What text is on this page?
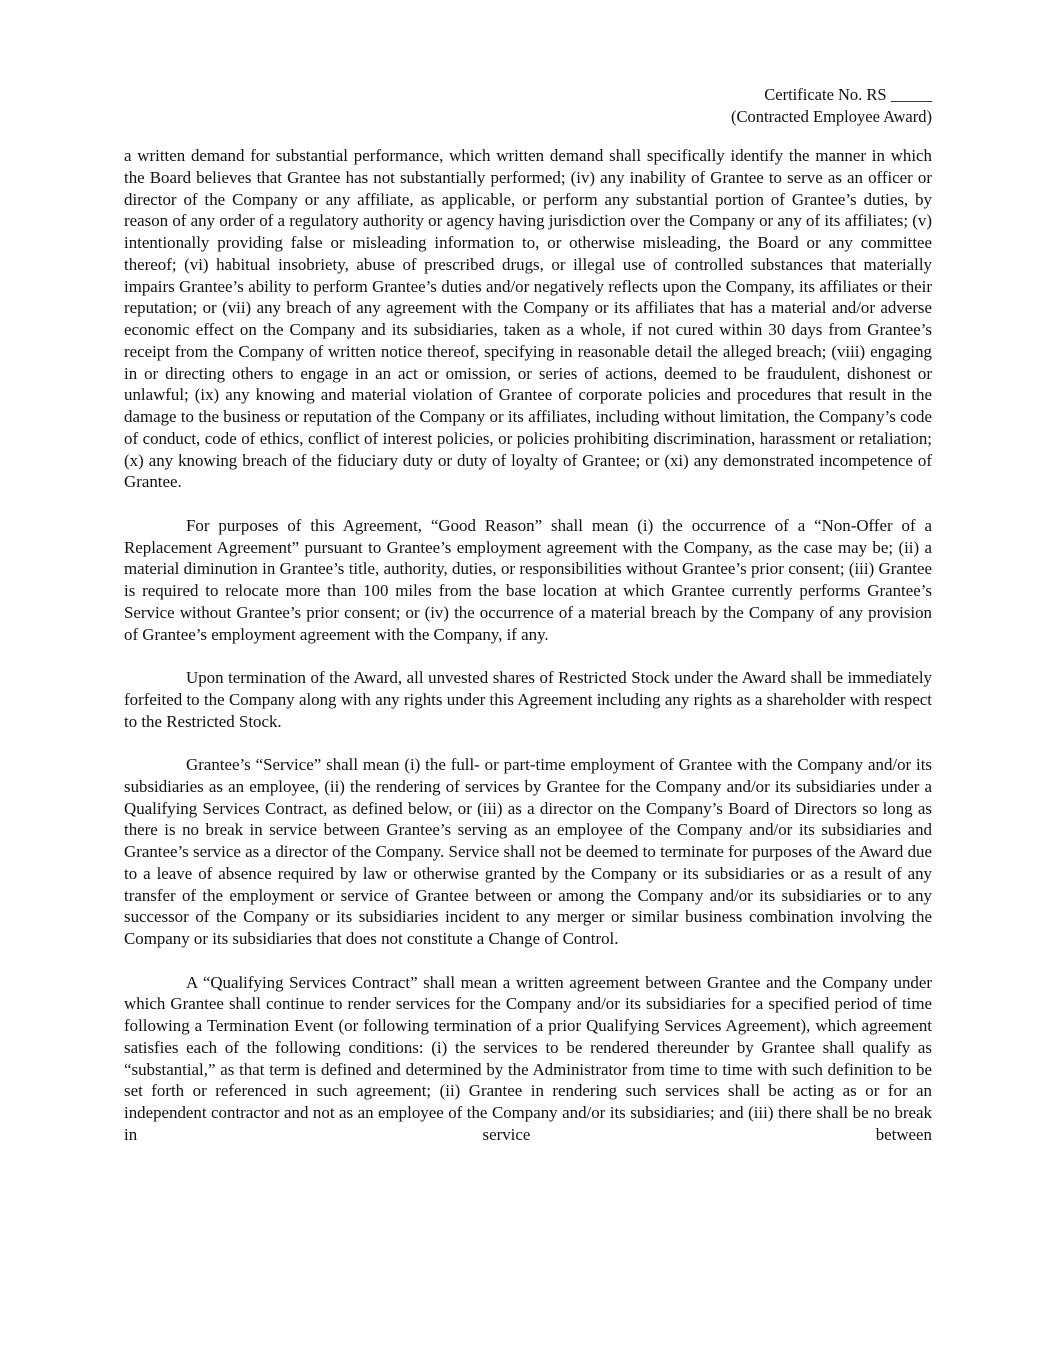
Certificate No. RS _____
(Contracted Employee Award)

a written demand for substantial performance, which written demand shall specifically identify the manner in which the Board believes that Grantee has not substantially performed; (iv) any inability of Grantee to serve as an officer or director of the Company or any affiliate, as applicable, or perform any substantial portion of Grantee’s duties, by reason of any order of a regulatory authority or agency having jurisdiction over the Company or any of its affiliates; (v) intentionally providing false or misleading information to, or otherwise misleading, the Board or any committee thereof; (vi) habitual insobriety, abuse of prescribed drugs, or illegal use of controlled substances that materially impairs Grantee’s ability to perform Grantee’s duties and/or negatively reflects upon the Company, its affiliates or their reputation; or (vii) any breach of any agreement with the Company or its affiliates that has a material and/or adverse economic effect on the Company and its subsidiaries, taken as a whole, if not cured within 30 days from Grantee’s receipt from the Company of written notice thereof, specifying in reasonable detail the alleged breach; (viii) engaging in or directing others to engage in an act or omission, or series of actions, deemed to be fraudulent, dishonest or unlawful; (ix) any knowing and material violation of Grantee of corporate policies and procedures that result in the damage to the business or reputation of the Company or its affiliates, including without limitation, the Company’s code of conduct, code of ethics, conflict of interest policies, or policies prohibiting discrimination, harassment or retaliation; (x) any knowing breach of the fiduciary duty or duty of loyalty of Grantee; or (xi) any demonstrated incompetence of Grantee.

For purposes of this Agreement, “Good Reason” shall mean (i) the occurrence of a “Non-Offer of a Replacement Agreement” pursuant to Grantee’s employment agreement with the Company, as the case may be; (ii) a material diminution in Grantee’s title, authority, duties, or responsibilities without Grantee’s prior consent; (iii) Grantee is required to relocate more than 100 miles from the base location at which Grantee currently performs Grantee’s Service without Grantee’s prior consent; or (iv) the occurrence of a material breach by the Company of any provision of Grantee’s employment agreement with the Company, if any.

Upon termination of the Award, all unvested shares of Restricted Stock under the Award shall be immediately forfeited to the Company along with any rights under this Agreement including any rights as a shareholder with respect to the Restricted Stock.

Grantee’s “Service” shall mean (i) the full- or part-time employment of Grantee with the Company and/or its subsidiaries as an employee, (ii) the rendering of services by Grantee for the Company and/or its subsidiaries under a Qualifying Services Contract, as defined below, or (iii) as a director on the Company’s Board of Directors so long as there is no break in service between Grantee’s serving as an employee of the Company and/or its subsidiaries and Grantee’s service as a director of the Company. Service shall not be deemed to terminate for purposes of the Award due to a leave of absence required by law or otherwise granted by the Company or its subsidiaries or as a result of any transfer of the employment or service of Grantee between or among the Company and/or its subsidiaries or to any successor of the Company or its subsidiaries incident to any merger or similar business combination involving the Company or its subsidiaries that does not constitute a Change of Control.

A “Qualifying Services Contract” shall mean a written agreement between Grantee and the Company under which Grantee shall continue to render services for the Company and/or its subsidiaries for a specified period of time following a Termination Event (or following termination of a prior Qualifying Services Agreement), which agreement satisfies each of the following conditions: (i) the services to be rendered thereunder by Grantee shall qualify as “substantial,” as that term is defined and determined by the Administrator from time to time with such definition to be set forth or referenced in such agreement; (ii) Grantee in rendering such services shall be acting as or for an independent contractor and not as an employee of the Company and/or its subsidiaries; and (iii) there shall be no break in service between
